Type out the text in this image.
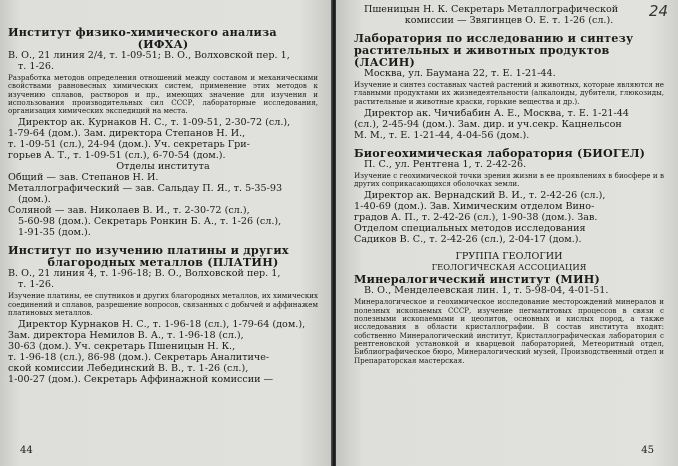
Институт физико-химического анализа

(ИФХА)

В. О., 21 линия 2/4, т. 1-09-51; В. О., Волховской пер. 1,

т. 1-26.

Разработка методов определения отношений между составом и механическими свойствами равновесных химических систем, применение этих методов к изучению сплавов, растворов и пр., имеющих значение для изучения и использования производительных сил СССР, лабораторные исследования, организация химических экспедиций на места.

Директор ак. Курнаков Н. С., т. 1-09-51, 2-30-72 (сл.),

1-79-64 (дом.). Зам. директора Степанов Н. И.,

т. 1-09-51 (сл.), 24-94 (дом.). Уч. секретарь Гри-

горьев А. Т., т. 1-09-51 (сл.), 6-70-54 (дом.).

Отделы института

Общий — зав. Степанов Н. И.

Металлографический — зав. Сальдау П. Я., т. 5-35-93

(дом.).

Соляной — зав. Николаев В. И., т. 2-30-72 (сл.),

5-60-98 (дом.). Секретарь Ронкин Б. А., т. 1-26 (сл.),

1-91-35 (дом.).

Институт по изучению платины и других

благородных металлов (ПЛАТИН)

В. О., 21 линия 4, т. 1-96-18; В. О., Волховской пер. 1,

т. 1-26.

Изучение платины, ее спутников и других благородных металлов, их химических соединений и сплавов, разрешение вопросов, связанных с добычей и аффинажем платиновых металлов.

Директор Курнаков Н. С., т. 1-96-18 (сл.), 1-79-64 (дом.),

Зам. директора Немилов В. А., т. 1-96-18 (сл.),

30-63 (дом.). Уч. секретарь Пшеницын Н. К.,

т. 1-96-18 (сл.), 86-98 (дом.). Секретарь Аналитиче-

ской комиссии Лебединский В. В., т. 1-26 (сл.),

1-00-27 (дом.). Секретарь Аффинажной комиссии —

44
24

Пшеницын Н. К. Секретарь Металлографической

комиссии — Звягинцев О. Е. т. 1-26 (сл.).

Лаборатория по исследованию и синтезу

растительных и животных продуктов

(ЛАСИН)

Москва, ул. Баумана 22, т. Е. 1-21-44.

Изучение и синтез составных частей растений и животных, которые являются не главными продуктами их жизнедеятельности (алкалоиды, дубители, глюкозиды, растительные и животные краски, горькие вещества и др.).

Директор ак. Чичибабин А. Е., Москва, т. Е. 1-21-44

(сл.), 2-45-94 (дом.). Зам. дир. и уч.секр. Кацнельсон

М. М., т. Е. 1-21-44, 4-04-56 (дом.).

Биогеохимическая лаборатория (БИОГЕЛ)

П. С., ул. Рентгена 1, т. 2-42-26.

Изучение с геохимической точки зрения жизни в ее проявлениях в биосфере и в других соприкасающихся оболочках земли.

Директор ак. Вернадский В. И., т. 2-42-26 (сл.),

1-40-69 (дом.). Зав. Химическим отделом Вино-

градов А. П., т. 2-42-26 (сл.), 1-90-38 (дом.). Зав.

Отделом специальных методов исследования

Садиков В. С., т. 2-42-26 (сл.), 2-04-17 (дом.).

ГРУППА ГЕОЛОГИИ

ГЕОЛОГИЧЕСКАЯ АССОЦИАЦИЯ

Минералогический институт (МИН)

В. О., Менделеевская лин. 1, т. 5-98-04, 4-01-51.

Минералогическое и геохимическое исследование месторождений минералов и полезных ископаемых СССР, изучение пегматитовых процессов в связи с полезными ископаемыми и цеолитов, основных и кислых пород, а также исследования в области кристаллографии. В состав института входят: собственно Минералогический институт, Кристаллографическая лаборатория с рентгеновской установкой и кварцевой лабораторией, Метеоритный отдел, Библиографическое бюро, Минералогический музей, Производственный отдел и Препараторская мастерская.

45
